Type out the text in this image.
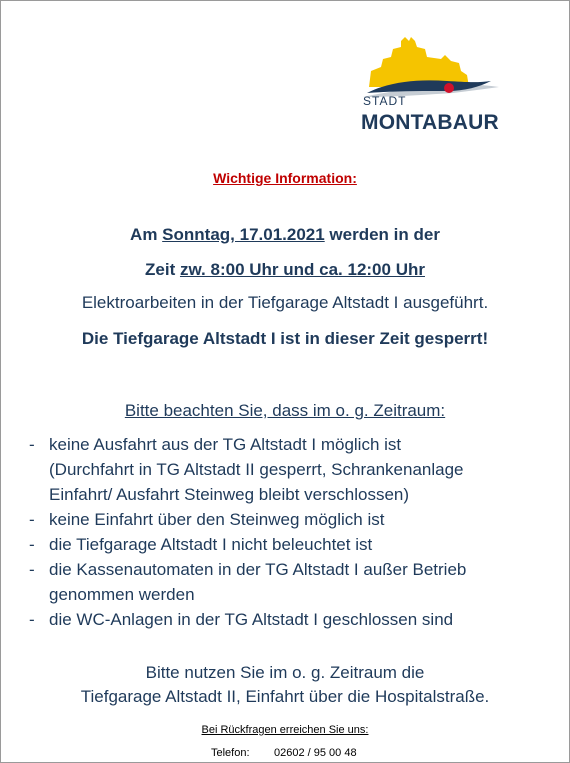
STADT
MONTABAUR
Wichtige Information:
Am Sonntag, 17.01.2021 werden in der
Zeit zw. 8:00 Uhr und ca. 12:00 Uhr
Elektroarbeiten in der Tiefgarage Altstadt I ausgeführt.
Die Tiefgarage Altstadt I ist in dieser Zeit gesperrt!
Bitte beachten Sie, dass im o. g. Zeitraum:
- keine Ausfahrt aus der TG Altstadt I möglich ist
(Durchfahrt in TG Altstadt II gesperrt, Schrankenanlage
Einfahrt/ Ausfahrt Steinweg bleibt verschlossen)
- keine Einfahrt über den Steinweg möglich ist
- die Tiefgarage Altstadt I nicht beleuchtet ist
- die Kassenautomaten in der TG Altstadt I außer Betrieb
genommen werden
- die WC-Anlagen in der TG Altstadt I geschlossen sind
Bitte nutzen Sie im o. g. Zeitraum die
Tiefgarage Altstadt II, Einfahrt über die Hospitalstraße.
Bei Rückfragen erreichen Sie uns:
Telefon: 02602 / 95 00 48
